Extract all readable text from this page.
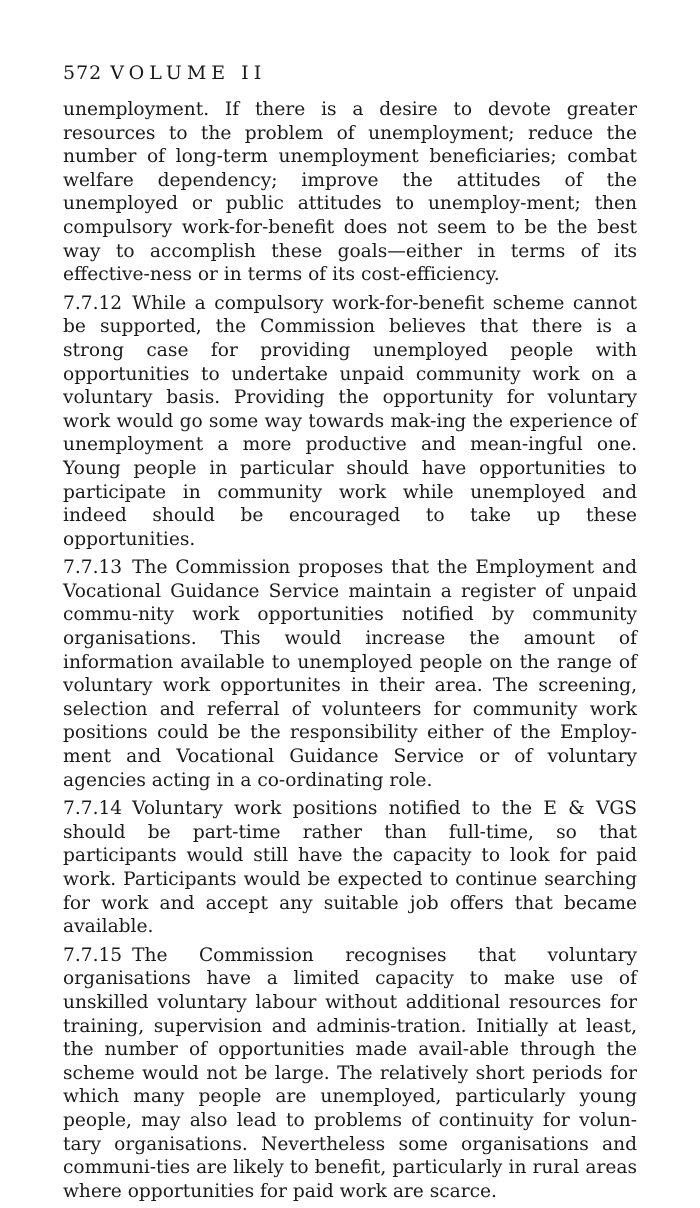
572 VOLUME II

unemployment. If there is a desire to devote greater resources to the problem of unemployment; reduce the number of long-term unemployment beneficiaries; combat welfare dependency; improve the attitudes of the unemployed or public attitudes to unemploy-ment; then compulsory work-for-benefit does not seem to be the best way to accomplish these goals—either in terms of its effective-ness or in terms of its cost-efficiency.

7.7.12 While a compulsory work-for-benefit scheme cannot be supported, the Commission believes that there is a strong case for providing unemployed people with opportunities to undertake unpaid community work on a voluntary basis. Providing the opportunity for voluntary work would go some way towards mak-ing the experience of unemployment a more productive and mean-ingful one. Young people in particular should have opportunities to participate in community work while unemployed and indeed should be encouraged to take up these opportunities.

7.7.13 The Commission proposes that the Employment and Vocational Guidance Service maintain a register of unpaid commu-nity work opportunities notified by community organisations. This would increase the amount of information available to unemployed people on the range of voluntary work opportunites in their area. The screening, selection and referral of volunteers for community work positions could be the responsibility either of the Employ-ment and Vocational Guidance Service or of voluntary agencies acting in a co-ordinating role.

7.7.14 Voluntary work positions notified to the E & VGS should be part-time rather than full-time, so that participants would still have the capacity to look for paid work. Participants would be expected to continue searching for work and accept any suitable job offers that became available.

7.7.15 The Commission recognises that voluntary organisations have a limited capacity to make use of unskilled voluntary labour without additional resources for training, supervision and adminis-tration. Initially at least, the number of opportunities made avail-able through the scheme would not be large. The relatively short periods for which many people are unemployed, particularly young people, may also lead to problems of continuity for volun-tary organisations. Nevertheless some organisations and communi-ties are likely to benefit, particularly in rural areas where opportunities for paid work are scarce.
